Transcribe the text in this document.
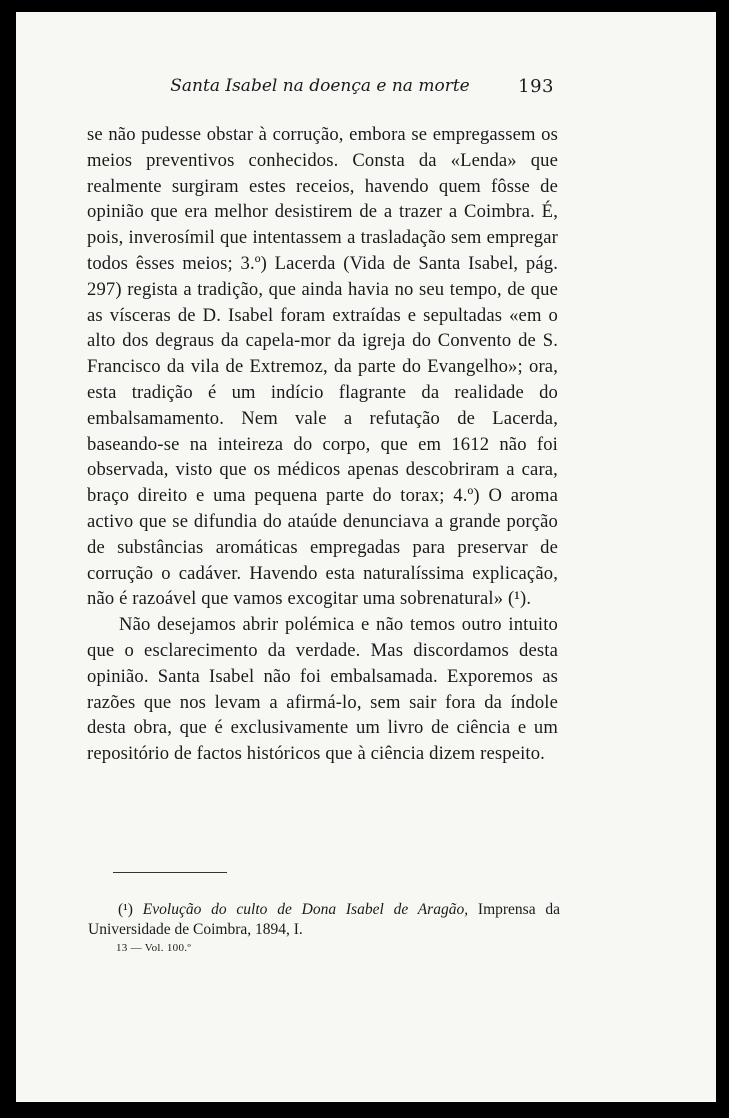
Santa Isabel na doença e na morte	193

se não pudesse obstar à corrução, embora se empregassem os meios preventivos conhecidos. Consta da «Lenda» que realmente surgiram estes receios, havendo quem fôsse de opinião que era melhor desistirem de a trazer a Coimbra. É, pois, inverosímil que intentassem a trasladação sem empregar todos êsses meios; 3.º) Lacerda (Vida de Santa Isabel, pág. 297) regista a tradição, que ainda havia no seu tempo, de que as vísceras de D. Isabel foram extraídas e sepultadas «em o alto dos degraus da capela-mor da igreja do Convento de S. Francisco da vila de Extremoz, da parte do Evangelho»; ora, esta tradição é um indício flagrante da realidade do embalsamamento. Nem vale a refutação de Lacerda, baseando-se na inteireza do corpo, que em 1612 não foi observada, visto que os médicos apenas descobriram a cara, braço direito e uma pequena parte do torax; 4.º) O aroma activo que se difundia do ataúde denunciava a grande porção de substâncias aromáticas empregadas para preservar de corrução o cadáver. Havendo esta naturalíssima explicação, não é razoável que vamos excogitar uma sobrenatural» (¹).

Não desejamos abrir polémica e não temos outro intuito que o esclarecimento da verdade. Mas discordamos desta opinião. Santa Isabel não foi embalsamada. Exporemos as razões que nos levam a afirmá-lo, sem sair fora da índole desta obra, que é exclusivamente um livro de ciência e um repositório de factos históricos que à ciência dizem respeito.

(¹) Evolução do culto de Dona Isabel de Aragão, Imprensa da Universidade de Coimbra, 1894, I.
13 — Vol. 100.º
